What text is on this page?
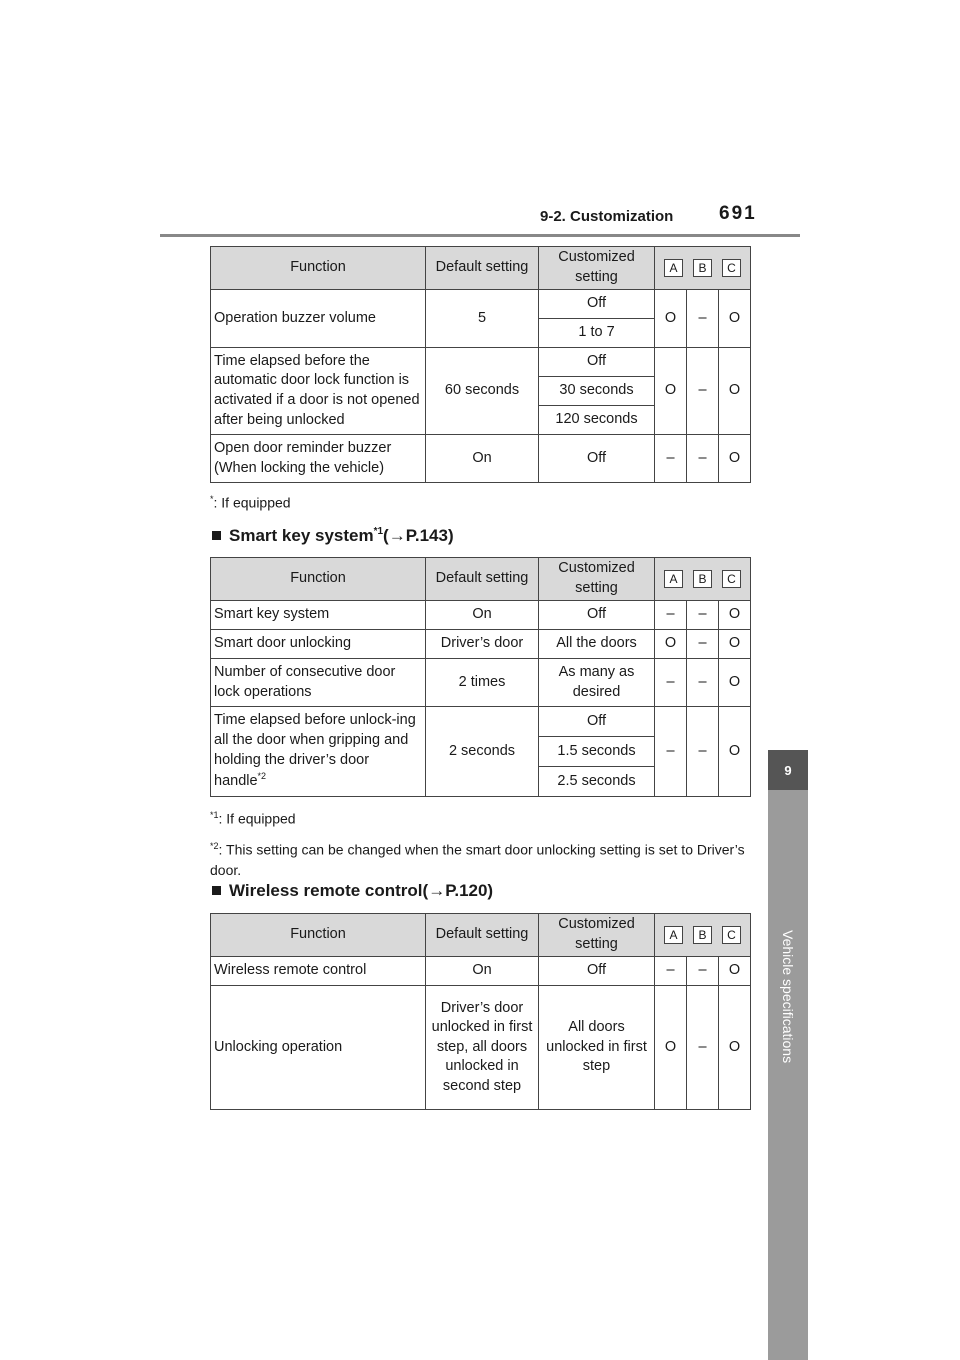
9-2. Customization 691
9
Vehicle specifications
Function	Default setting	Customized setting	A B C		

Operation buzzer volume	5	Off	O	–	O
		1 to 7			
Time elapsed before the automatic door lock function is activated if a door is not opened after being unlocked	60 seconds	Off	O	–	O
		30 seconds			
		120 seconds			
Open door reminder buzzer (When locking the vehicle)	On	Off	–	–	O
*: If equipped
Smart key system$^{*1}$ (→P.143)
Function	Default setting	Customized setting	A B C		

Smart key system	On	Off	–	–	O
Smart door unlocking	Driver’s door	All the doors	O	–	O
Number of consecutive door lock operations	2 times	As many as desired	–	–	O
Time elapsed before unlock-ing all the door when gripping and holding the driver’s door handle$^{*2}$	2 seconds	Off	–	–	O
		1.5 seconds			
		2.5 seconds			
$^{*1}$: If equipped
$^{*2}$: This setting can be changed when the smart door unlocking setting is set to Driver’s door.
Wireless remote control (→P.120)
Function	Default setting	Customized setting	A B C		

Wireless remote control	On	Off	–	–	O
Unlocking operation	Driver’s door unlocked in first step, all doors unlocked in second step	All doors unlocked in first step	O	–	O
